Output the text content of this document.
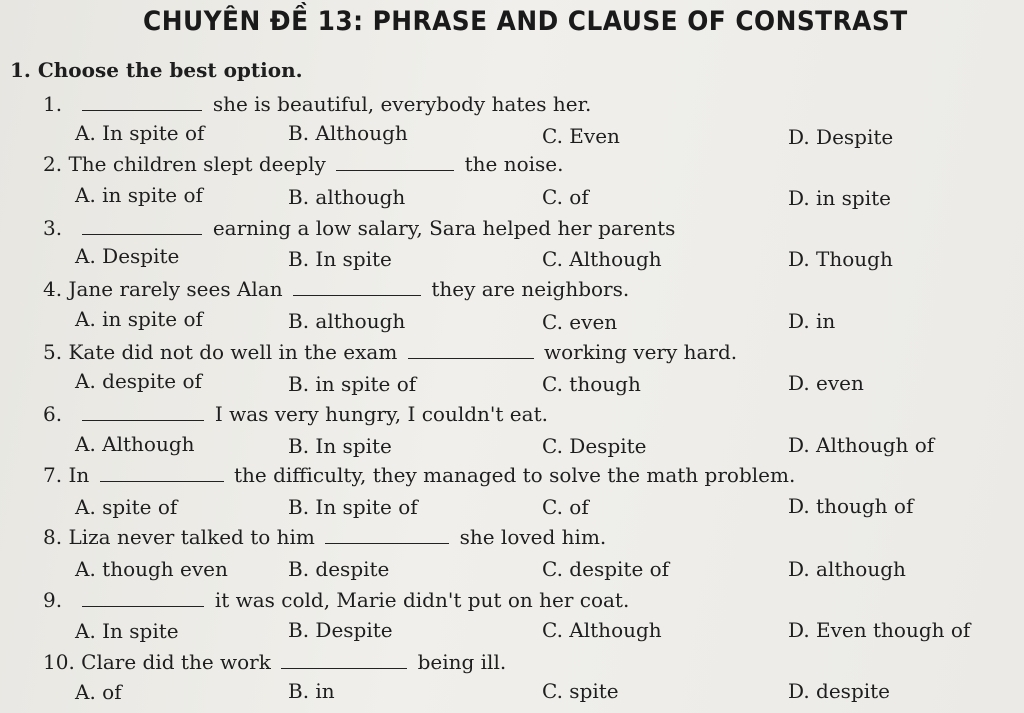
CHUYÊN ĐỀ 13: PHRASE AND CLAUSE OF CONSTRAST
1. Choose the best option.
1.	she is beautiful, everybody hates her.
A. In spite of	B. Although	C. Even	D. Despite
2. The children slept deeply	the noise.
A. in spite of	B. although	C. of	D. in spite
3.	earning a low salary, Sara helped her parents
A. Despite	B. In spite	C. Although	D. Though
4. Jane rarely sees Alan	they are neighbors.
A. in spite of	B. although	C. even	D. in
5. Kate did not do well in the exam	working very hard.
A. despite of	B. in spite of	C. though	D. even
6.	I was very hungry, I couldn't eat.
A. Although	B. In spite	C. Despite	D. Although of
7. In	the difficulty, they managed to solve the math problem.
A. spite of	B. In spite of	C. of	D. though of
8. Liza never talked to him	she loved him.
A. though even	B. despite	C. despite of	D. although
9.	it was cold, Marie didn't put on her coat.
A. In spite	B. Despite	C. Although	D. Even though of
10. Clare did the work	being ill.
A. of	B. in	C. spite	D. despite
